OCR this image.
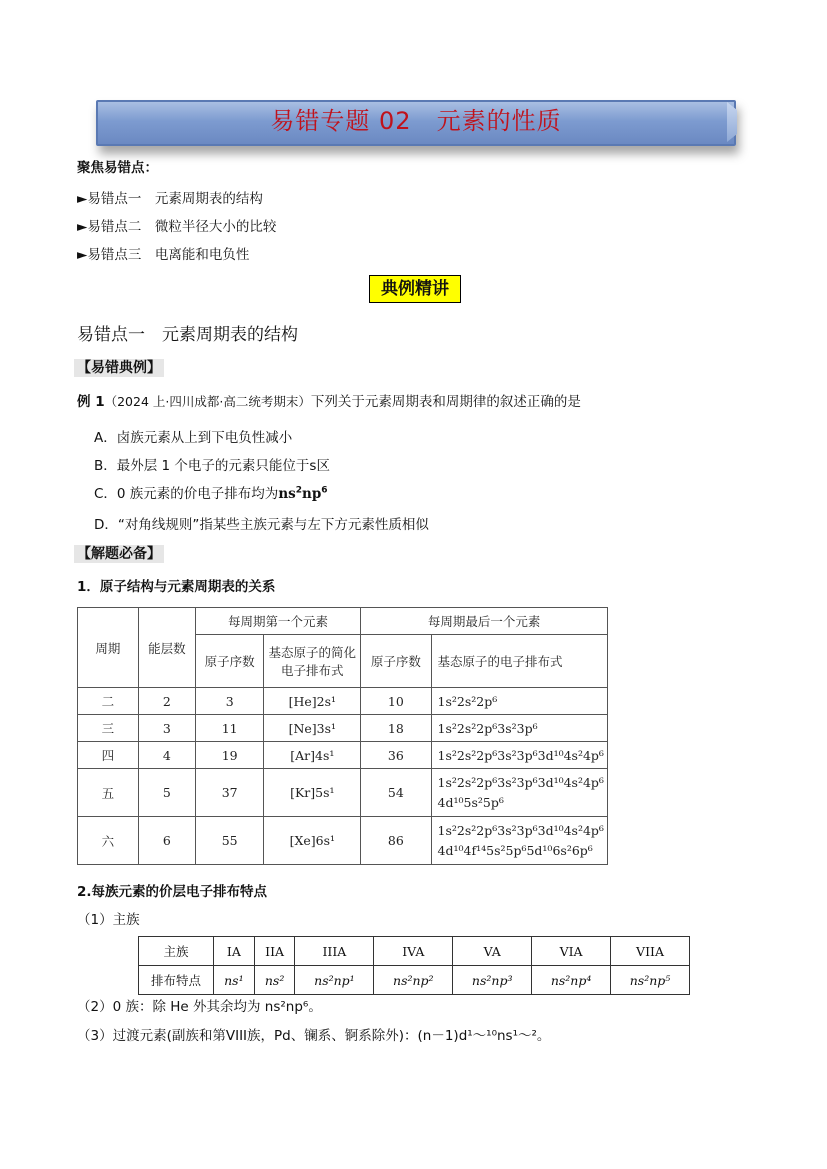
易错专题 02　元素的性质
聚焦易错点：
►易错点一　元素周期表的结构
►易错点二　微粒半径大小的比较
►易错点三　电离能和电负性
典例精讲
易错点一　元素周期表的结构
【易错典例】
例 1（2024 上·四川成都·高二统考期末）下列关于元素周期表和周期律的叙述正确的是
A．卤族元素从上到下电负性减小
B．最外层 1 个电子的元素只能位于s区
C．0 族元素的价电子排布均为$ns^2np^6$
D．“对角线规则”指某些主族元素与左下方元素性质相似
【解题必备】
1．原子结构与元素周期表的关系
周期	能层数	每周期第一个元素		每周期最后一个元素	
		原子序数	基态原子的简化电子排布式	原子序数	基态原子的电子排布式
二	2	3	[He]2s¹	10	1s²2s²2p⁶
三	3	11	[Ne]3s¹	18	1s²2s²2p⁶3s²3p⁶
四	4	19	[Ar]4s¹	36	1s²2s²2p⁶3s²3p⁶3d¹⁰4s²4p⁶
五	5	37	[Kr]5s¹	54	1s²2s²2p⁶3s²3p⁶3d¹⁰4s²4p⁶
4d¹⁰5s²5p⁶

六	6	55	[Xe]6s¹	86	1s²2s²2p⁶3s²3p⁶3d¹⁰4s²4p⁶
4d¹⁰4f¹⁴5s²5p⁶5d¹⁰6s²6p⁶
2.每族元素的价层电子排布特点
（1）主族
主族	IA	IIA	IIIA	IVA	VA	VIA	VIIA
排布特点	ns¹	ns²	ns²np¹	ns²np²	ns²np³	ns²np⁴	ns²np⁵
（2）0 族：除 He 外其余均为 ns²np⁶。
（3）过渡元素(副族和第VIII族，Pd、镧系、锕系除外)：(n－1)d¹～¹⁰ns¹～²。
